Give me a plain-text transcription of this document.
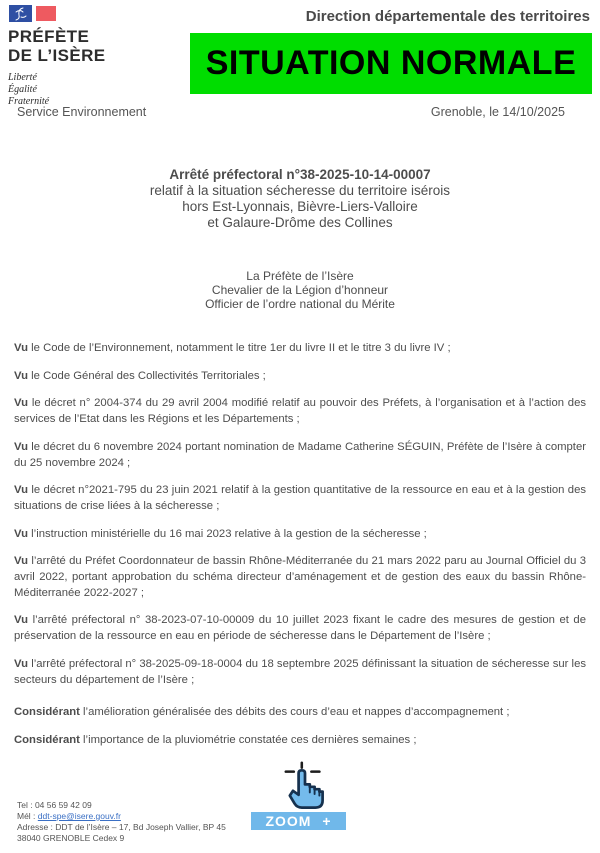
PRÉFÈTE
DE L’ISÈRE
Liberté
Égalité
Fraternité
Direction départementale des territoires
SITUATION NORMALE
Service Environnement	Grenoble, le 14/10/2025
Arrêté préfectoral n°38-2025-10-14-00007
relatif à la situation sécheresse du territoire isérois
hors Est-Lyonnais, Bièvre-Liers-Valloire
et Galaure-Drôme des Collines
La Préfète de l’Isère
Chevalier de la Légion d’honneur
Officier de l’ordre national du Mérite

Vu le Code de l’Environnement, notamment le titre 1er du livre II et le titre 3 du livre IV ;

Vu le Code Général des Collectivités Territoriales ;

Vu le décret n° 2004-374 du 29 avril 2004 modifié relatif au pouvoir des Préfets, à l’organisation et à l’action des services de l’Etat dans les Régions et les Départements ;

Vu le décret du 6 novembre 2024 portant nomination de Madame Catherine SÉGUIN, Préfète de l’Isère à compter du 25 novembre 2024 ;

Vu le décret n°2021-795 du 23 juin 2021 relatif à la gestion quantitative de la ressource en eau et à la gestion des situations de crise liées à la sécheresse ;

Vu l’instruction ministérielle du 16 mai 2023 relative à la gestion de la sécheresse ;

Vu l’arrêté du Préfet Coordonnateur de bassin Rhône-Méditerranée du 21 mars 2022 paru au Journal Officiel du 3 avril 2022, portant approbation du schéma directeur d’aménagement et de gestion des eaux du bassin Rhône-Méditerranée 2022-2027 ;

Vu l’arrêté préfectoral n° 38-2023-07-10-00009 du 10 juillet 2023 fixant le cadre des mesures de gestion et de préservation de la ressource en eau en période de sécheresse dans le Département de l’Isère ;

Vu l’arrêté préfectoral n° 38-2025-09-18-0004 du 18 septembre 2025 définissant la situation de sécheresse sur les secteurs du département de l’Isère ;

Considérant l’amélioration généralisée des débits des cours d’eau et nappes d’accompagnement ;

Considérant l’importance de la pluviométrie constatée ces dernières semaines ;

Tel : 04 56 59 42 09
Mél : ddt-spe@isere.gouv.fr
Adresse : DDT de l’Isère – 17, Bd Joseph Vallier, BP 45
38040 GRENOBLE Cedex 9
ZOOM +
